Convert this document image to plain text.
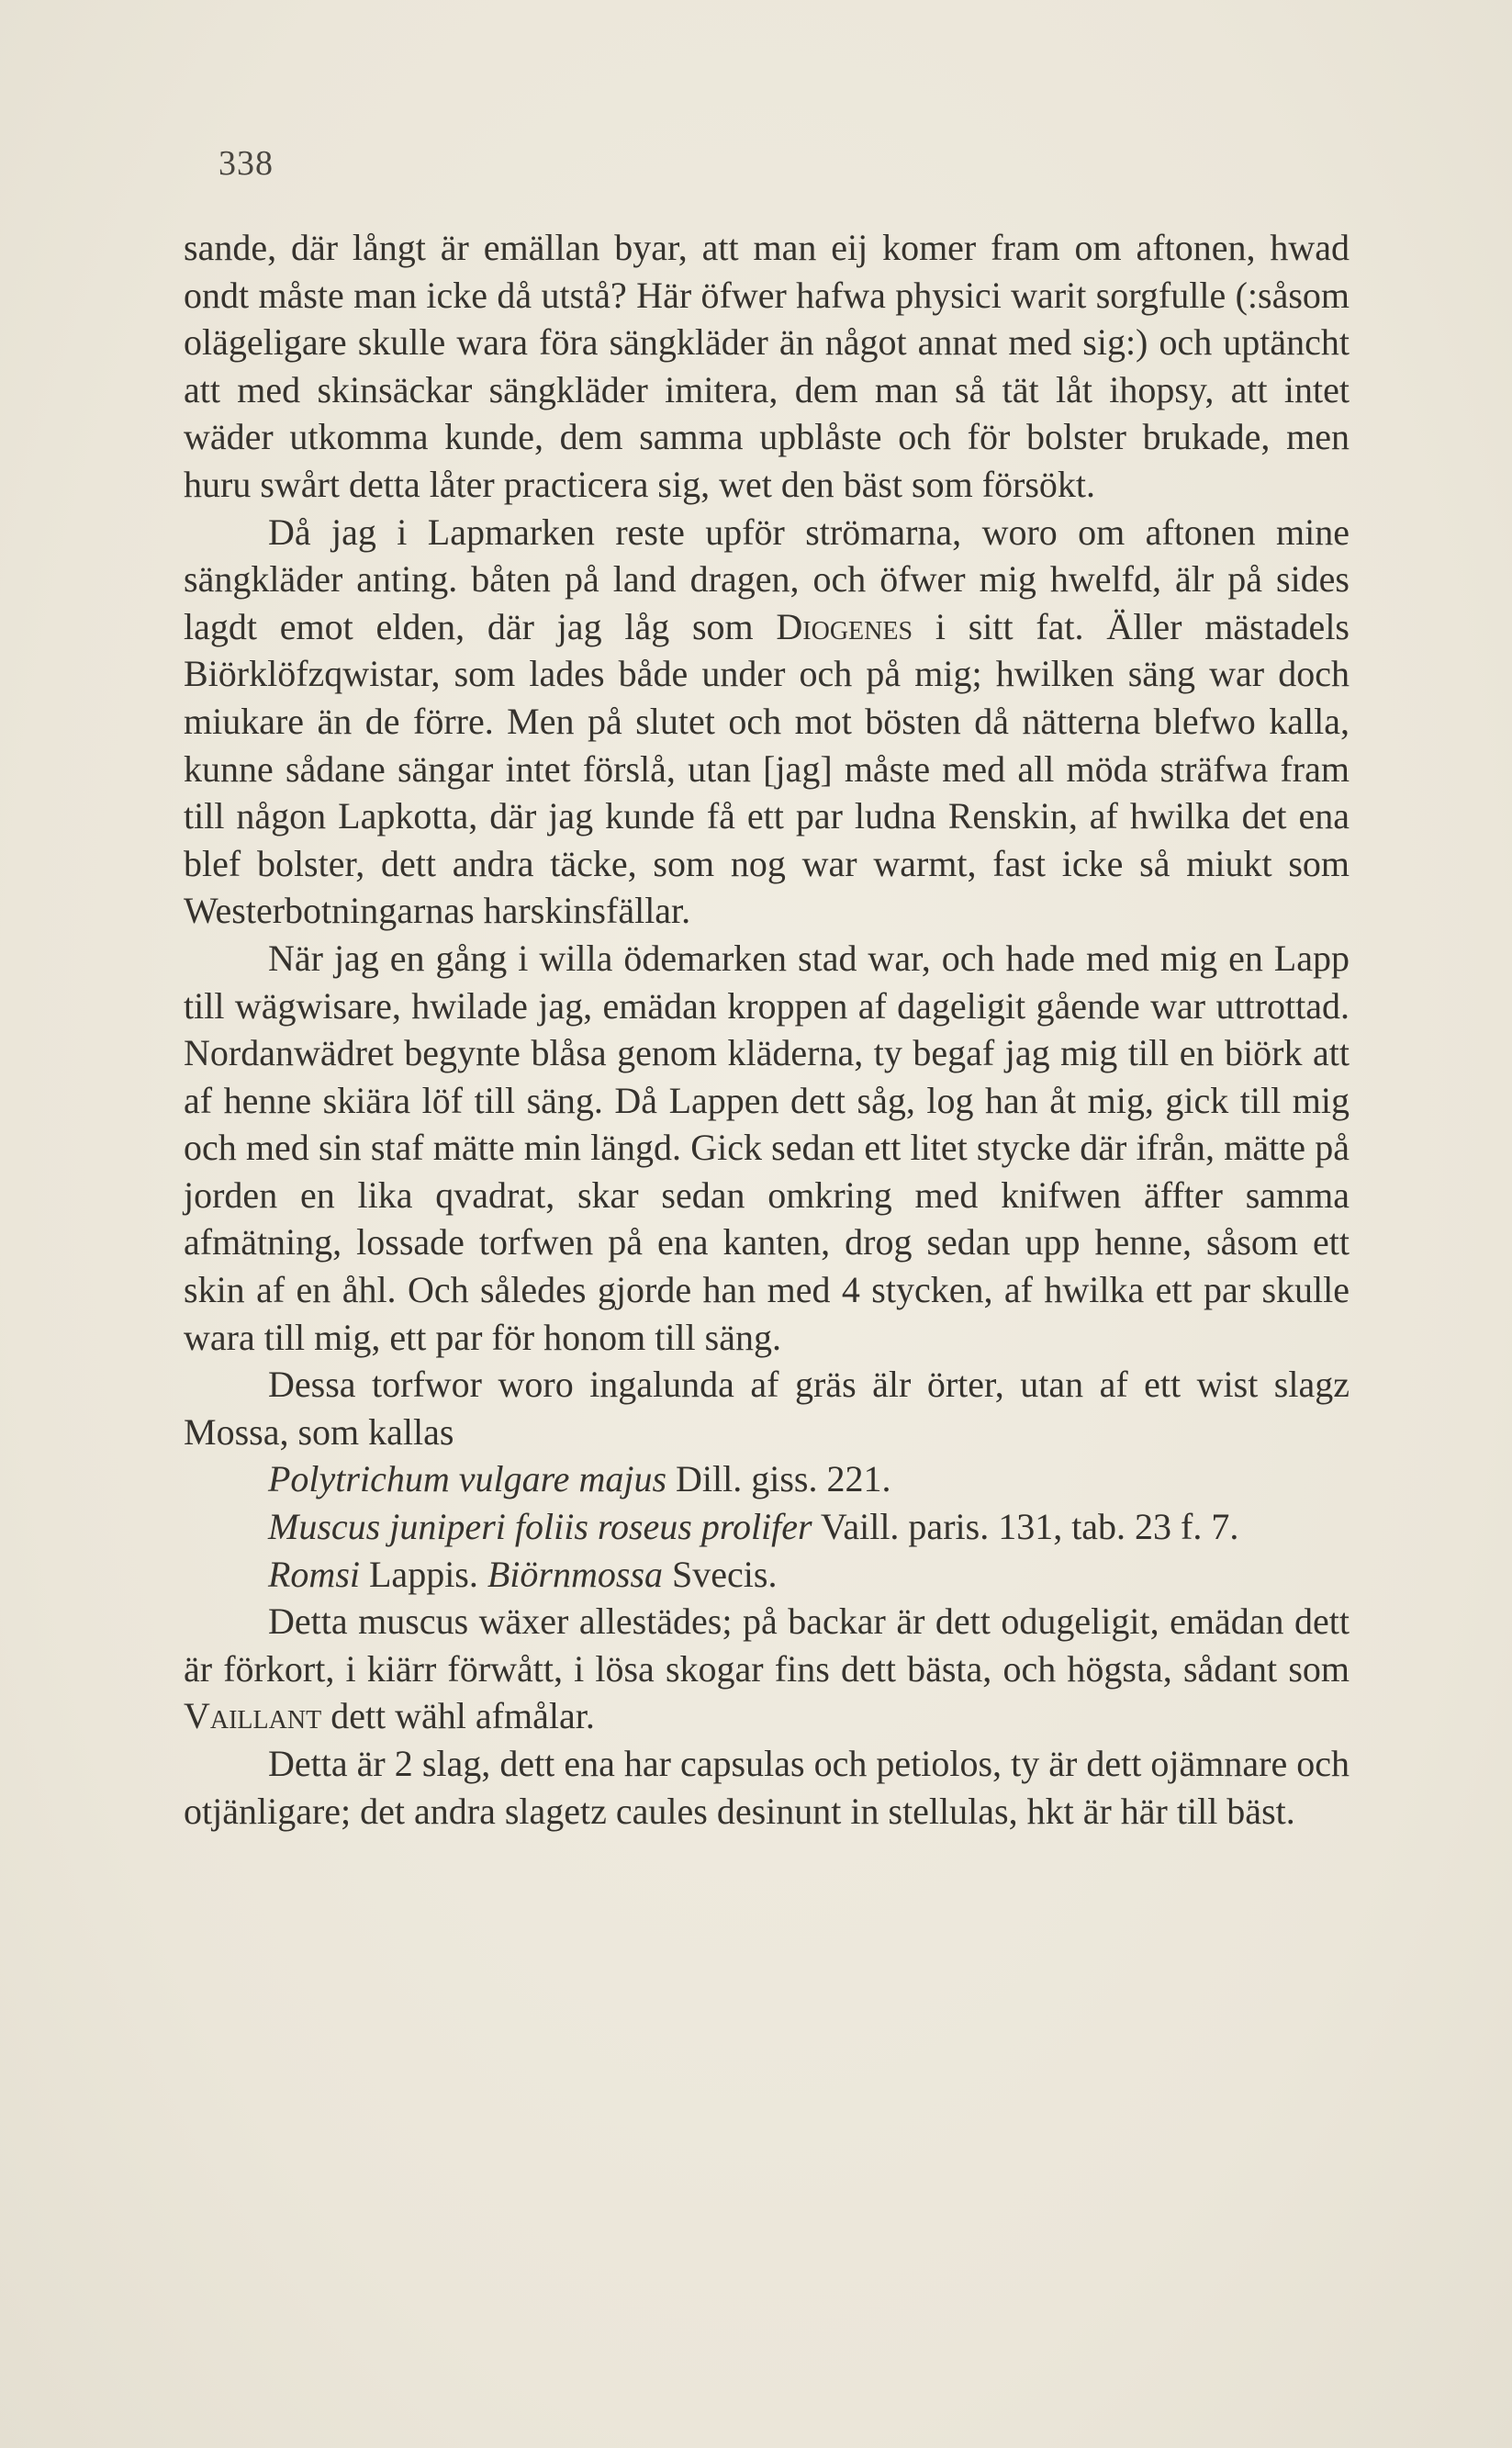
338

sande, där långt är emällan byar, att man eij komer fram om aftonen, hwad ondt måste man icke då utstå? Här öfwer hafwa physici warit sorgfulle (:såsom olägeligare skulle wara föra sängkläder än något annat med sig:) och uptäncht att med skinsäckar sängkläder imitera, dem man så tät låt ihopsy, att intet wäder utkomma kunde, dem samma upblåste och för bolster brukade, men huru swårt detta låter practicera sig, wet den bäst som försökt.

Då jag i Lapmarken reste upför strömarna, woro om aftonen mine sängkläder anting. båten på land dragen, och öfwer mig hwelfd, älr på sides lagdt emot elden, där jag låg som Diogenes i sitt fat. Äller mästadels Biörklöfzqwistar, som lades både under och på mig; hwilken säng war doch miukare än de förre. Men på slutet och mot bösten då nätterna blefwo kalla, kunne sådane sängar intet förslå, utan [jag] måste med all möda sträfwa fram till någon Lapkotta, där jag kunde få ett par ludna Renskin, af hwilka det ena blef bolster, dett andra täcke, som nog war warmt, fast icke så miukt som Westerbotningarnas harskinsfällar.

När jag en gång i willa ödemarken stad war, och hade med mig en Lapp till wägwisare, hwilade jag, emädan kroppen af dageligit gående war uttrottad. Nordanwädret begynte blåsa genom kläderna, ty begaf jag mig till en biörk att af henne skiära löf till säng. Då Lappen dett såg, log han åt mig, gick till mig och med sin staf mätte min längd. Gick sedan ett litet stycke där ifrån, mätte på jorden en lika qvadrat, skar sedan omkring med knifwen äffter samma afmätning, lossade torfwen på ena kanten, drog sedan upp henne, såsom ett skin af en åhl. Och således gjorde han med 4 stycken, af hwilka ett par skulle wara till mig, ett par för honom till säng.

Dessa torfwor woro ingalunda af gräs älr örter, utan af ett wist slagz Mossa, som kallas

Polytrichum vulgare majus Dill. giss. 221.

Muscus juniperi foliis roseus prolifer Vaill. paris. 131, tab. 23 f. 7.

Romsi Lappis. Biörnmossa Svecis.

Detta muscus wäxer allestädes; på backar är dett odugeligit, emädan dett är förkort, i kiärr förwått, i lösa skogar fins dett bästa, och högsta, sådant som Vaillant dett wähl afmålar.

Detta är 2 slag, dett ena har capsulas och petiolos, ty är dett ojämnare och otjänligare; det andra slagetz caules desinunt in stellulas, hkt är här till bäst.
